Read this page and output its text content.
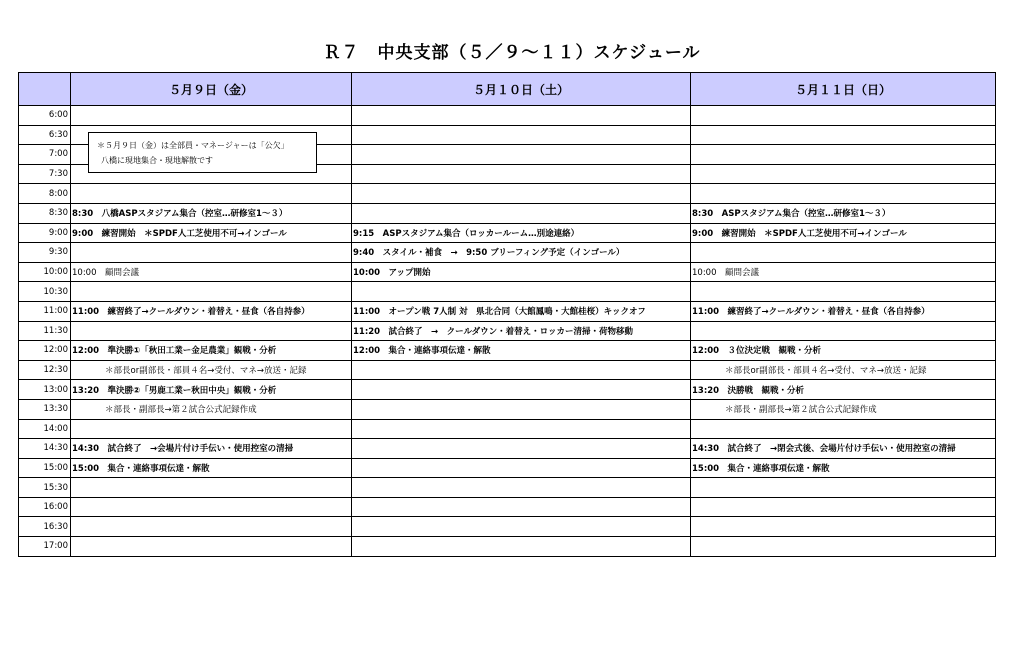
Ｒ７　中央支部（５／９～１１）スケジュール
	５月９日（金）	５月１０日（土）	５月１１日（日）
6:00			
6:30			
7:00			
7:30			
8:00			
8:30	8:30　八橋ASPスタジアム集合（控室…研修室1～３）		8:30　ASPスタジアム集合（控室…研修室1～３）
9:00	9:00　練習開始　＊SPDF人工芝使用不可→インゴール	9:15　ASPスタジアム集合（ロッカールーム…別途連絡）	9:00　練習開始　＊SPDF人工芝使用不可→インゴール
9:30		9:40　スタイル・補食　→　9:50 ブリーフィング予定（インゴール）	
10:00	10:00　顧問会議	10:00　アップ開始	10:00　顧問会議
10:30			
11:00	11:00　練習終了→クールダウン・着替え・昼食（各自持参）	11:00　オープン戦 7人制 対　県北合同（大館鳳鳴・大館桂桜）キックオフ	11:00　練習終了→クールダウン・着替え・昼食（各自持参）
11:30		11:20　試合終了　→　クールダウン・着替え・ロッカー清掃・荷物移動	
12:00	12:00　準決勝①「秋田工業ー金足農業」観戦・分析	12:00　集合・連絡事項伝達・解散	12:00　３位決定戦　観戦・分析
12:30	＊部長or副部長・部員４名→受付、マネ→放送・記録		＊部長or副部長・部員４名→受付、マネ→放送・記録
13:00	13:20　準決勝②「男鹿工業ー秋田中央」観戦・分析		13:20　決勝戦　観戦・分析
13:30	＊部長・副部長→第２試合公式記録作成		＊部長・副部長→第２試合公式記録作成
14:00			
14:30	14:30　試合終了　→会場片付け手伝い・使用控室の清掃		14:30　試合終了　→閉会式後、会場片付け手伝い・使用控室の清掃
15:00	15:00　集合・連絡事項伝達・解散		15:00　集合・連絡事項伝達・解散
15:30			
16:00			
16:30			
17:00			
＊５月９日（金）は全部員・マネージャーは「公欠」
八橋に現地集合・現地解散です
